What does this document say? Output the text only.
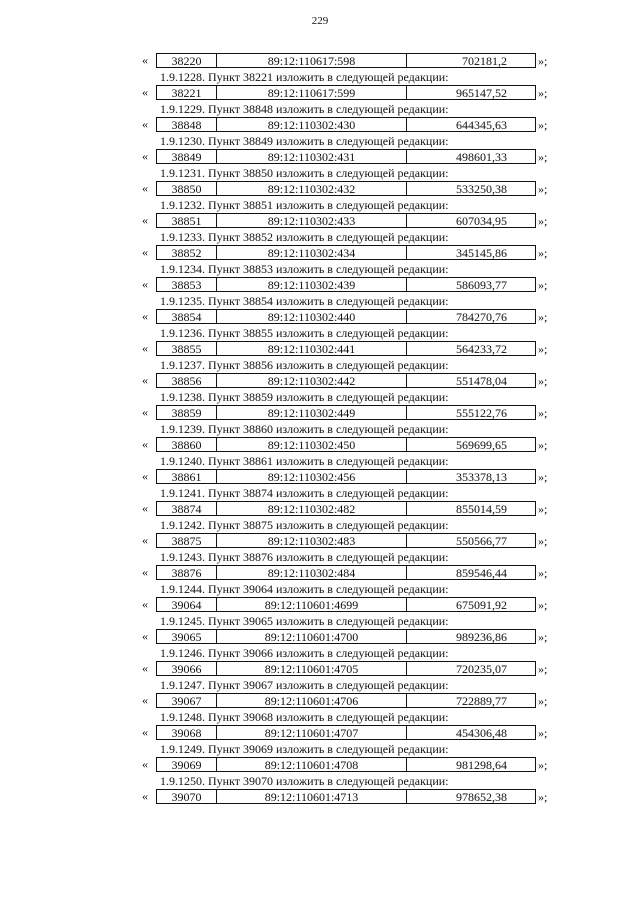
229
«	38220	89:12:110617:598	702181,2	»;
1.9.1228. Пункт 38221 изложить в следующей редакции:
«	38221	89:12:110617:599	965147,52	»;
1.9.1229. Пункт 38848 изложить в следующей редакции:
«	38848	89:12:110302:430	644345,63	»;
1.9.1230. Пункт 38849 изложить в следующей редакции:
«	38849	89:12:110302:431	498601,33	»;
1.9.1231. Пункт 38850 изложить в следующей редакции:
«	38850	89:12:110302:432	533250,38	»;
1.9.1232. Пункт 38851 изложить в следующей редакции:
«	38851	89:12:110302:433	607034,95	»;
1.9.1233. Пункт 38852 изложить в следующей редакции:
«	38852	89:12:110302:434	345145,86	»;
1.9.1234. Пункт 38853 изложить в следующей редакции:
«	38853	89:12:110302:439	586093,77	»;
1.9.1235. Пункт 38854 изложить в следующей редакции:
«	38854	89:12:110302:440	784270,76	»;
1.9.1236. Пункт 38855 изложить в следующей редакции:
«	38855	89:12:110302:441	564233,72	»;
1.9.1237. Пункт 38856 изложить в следующей редакции:
«	38856	89:12:110302:442	551478,04	»;
1.9.1238. Пункт 38859 изложить в следующей редакции:
«	38859	89:12:110302:449	555122,76	»;
1.9.1239. Пункт 38860 изложить в следующей редакции:
«	38860	89:12:110302:450	569699,65	»;
1.9.1240. Пункт 38861 изложить в следующей редакции:
«	38861	89:12:110302:456	353378,13	»;
1.9.1241. Пункт 38874 изложить в следующей редакции:
«	38874	89:12:110302:482	855014,59	»;
1.9.1242. Пункт 38875 изложить в следующей редакции:
«	38875	89:12:110302:483	550566,77	»;
1.9.1243. Пункт 38876 изложить в следующей редакции:
«	38876	89:12:110302:484	859546,44	»;
1.9.1244. Пункт 39064 изложить в следующей редакции:
«	39064	89:12:110601:4699	675091,92	»;
1.9.1245. Пункт 39065 изложить в следующей редакции:
«	39065	89:12:110601:4700	989236,86	»;
1.9.1246. Пункт 39066 изложить в следующей редакции:
«	39066	89:12:110601:4705	720235,07	»;
1.9.1247. Пункт 39067 изложить в следующей редакции:
«	39067	89:12:110601:4706	722889,77	»;
1.9.1248. Пункт 39068 изложить в следующей редакции:
«	39068	89:12:110601:4707	454306,48	»;
1.9.1249. Пункт 39069 изложить в следующей редакции:
«	39069	89:12:110601:4708	981298,64	»;
1.9.1250. Пункт 39070 изложить в следующей редакции:
«	39070	89:12:110601:4713	978652,38	»;
